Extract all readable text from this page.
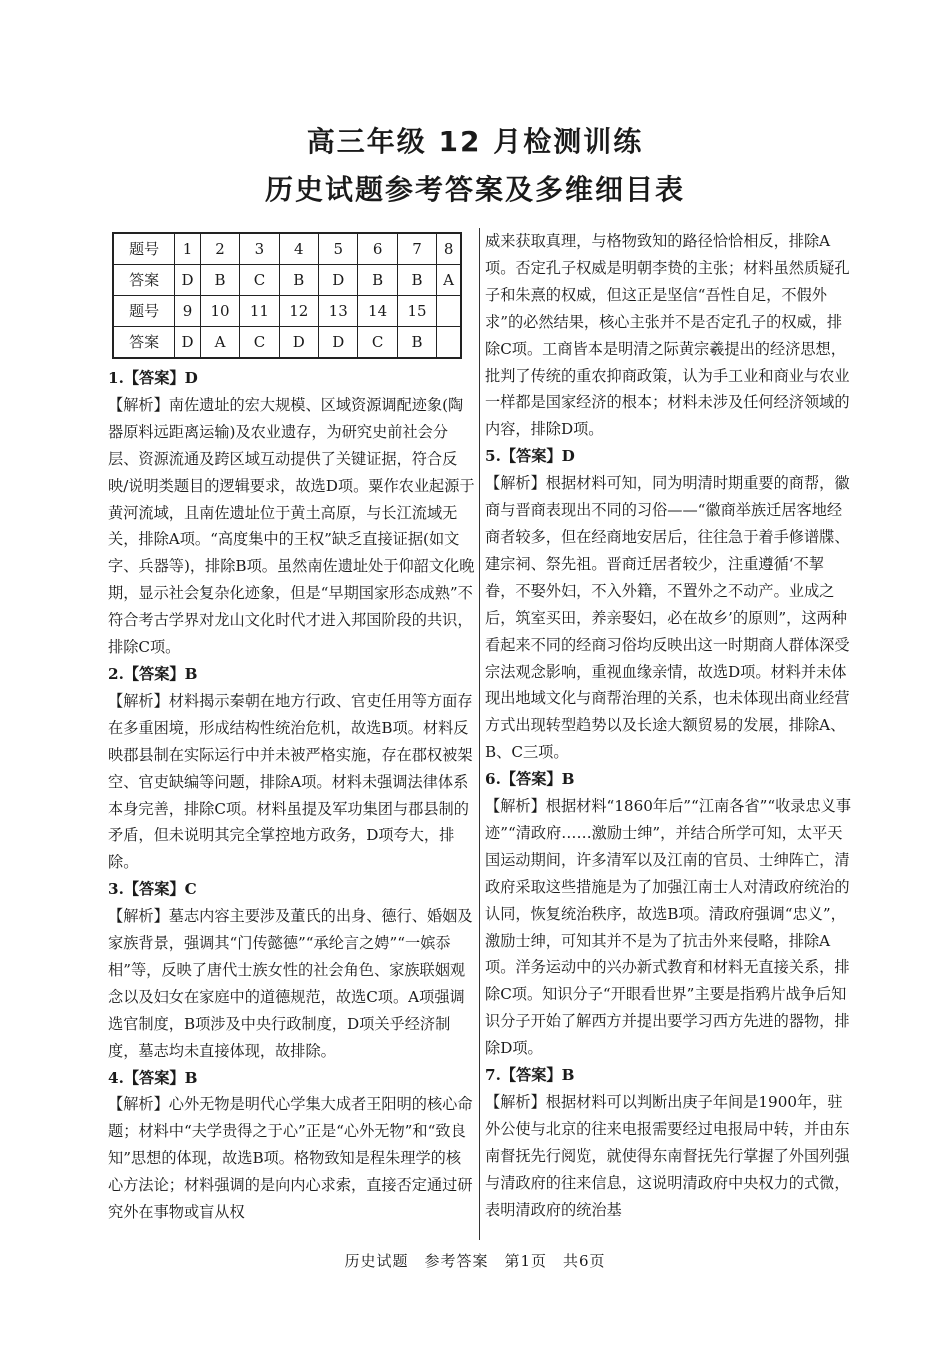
高三年级 12 月检测训练
历史试题参考答案及多维细目表
题号	1	2	3	4	5	6	7	8
答案	D	B	C	B	D	B	B	A
题号	9	10	11	12	13	14	15	
答案	D	A	C	D	D	C	B	
1.【答案】D
【解析】南佐遗址的宏大规模、区域资源调配迹象(陶器原料远距离运输)及农业遗存，为研究史前社会分层、资源流通及跨区域互动提供了关键证据，符合反映/说明类题目的逻辑要求，故选D项。粟作农业起源于黄河流域，且南佐遗址位于黄土高原，与长江流域无关，排除A项。“高度集中的王权”缺乏直接证据(如文字、兵器等)，排除B项。虽然南佐遗址处于仰韶文化晚期，显示社会复杂化迹象，但是“早期国家形态成熟”不符合考古学界对龙山文化时代才进入邦国阶段的共识，排除C项。
2.【答案】B
【解析】材料揭示秦朝在地方行政、官吏任用等方面存在多重困境，形成结构性统治危机，故选B项。材料反映郡县制在实际运行中并未被严格实施，存在郡权被架空、官吏缺编等问题，排除A项。材料未强调法律体系本身完善，排除C项。材料虽提及军功集团与郡县制的矛盾，但未说明其完全掌控地方政务，D项夸大，排除。
3.【答案】C
【解析】墓志内容主要涉及董氏的出身、德行、婚姻及家族背景，强调其“门传懿德”“承纶言之娉”“一嫔忝相”等，反映了唐代士族女性的社会角色、家族联姻观念以及妇女在家庭中的道德规范，故选C项。A项强调选官制度，B项涉及中央行政制度，D项关乎经济制度，墓志均未直接体现，故排除。
4.【答案】B
【解析】心外无物是明代心学集大成者王阳明的核心命题；材料中“夫学贵得之于心”正是“心外无物”和“致良知”思想的体现，故选B项。格物致知是程朱理学的核心方法论；材料强调的是向内心求索，直接否定通过研究外在事物或盲从权
威来获取真理，与格物致知的路径恰恰相反，排除A项。否定孔子权威是明朝李贽的主张；材料虽然质疑孔子和朱熹的权威，但这正是坚信“吾性自足，不假外求”的必然结果，核心主张并不是否定孔子的权威，排除C项。工商皆本是明清之际黄宗羲提出的经济思想，批判了传统的重农抑商政策，认为手工业和商业与农业一样都是国家经济的根本；材料未涉及任何经济领域的内容，排除D项。
5.【答案】D
【解析】根据材料可知，同为明清时期重要的商帮，徽商与晋商表现出不同的习俗——“徽商举族迁居客地经商者较多，但在经商地安居后，往往急于着手修谱牒、建宗祠、祭先祖。晋商迁居者较少，注重遵循‘不挈眷，不娶外妇，不入外籍，不置外之不动产。业成之后，筑室买田，养亲娶妇，必在故乡’的原则”，这两种看起来不同的经商习俗均反映出这一时期商人群体深受宗法观念影响，重视血缘亲情，故选D项。材料并未体现出地域文化与商帮治理的关系，也未体现出商业经营方式出现转型趋势以及长途大额贸易的发展，排除A、B、C三项。
6.【答案】B
【解析】根据材料“1860年后”“江南各省”“收录忠义事迹”“清政府……激励士绅”，并结合所学可知，太平天国运动期间，许多清军以及江南的官员、士绅阵亡，清政府采取这些措施是为了加强江南士人对清政府统治的认同，恢复统治秩序，故选B项。清政府强调“忠义”，激励士绅，可知其并不是为了抗击外来侵略，排除A项。洋务运动中的兴办新式教育和材料无直接关系，排除C项。知识分子“开眼看世界”主要是指鸦片战争后知识分子开始了解西方并提出要学习西方先进的器物，排除D项。
7.【答案】B
【解析】根据材料可以判断出庚子年间是1900年，驻外公使与北京的往来电报需要经过电报局中转，并由东南督抚先行阅览，就使得东南督抚先行掌握了外国列强与清政府的往来信息，这说明清政府中央权力的式微，表明清政府的统治基
历史试题　参考答案　第1页　共6页
